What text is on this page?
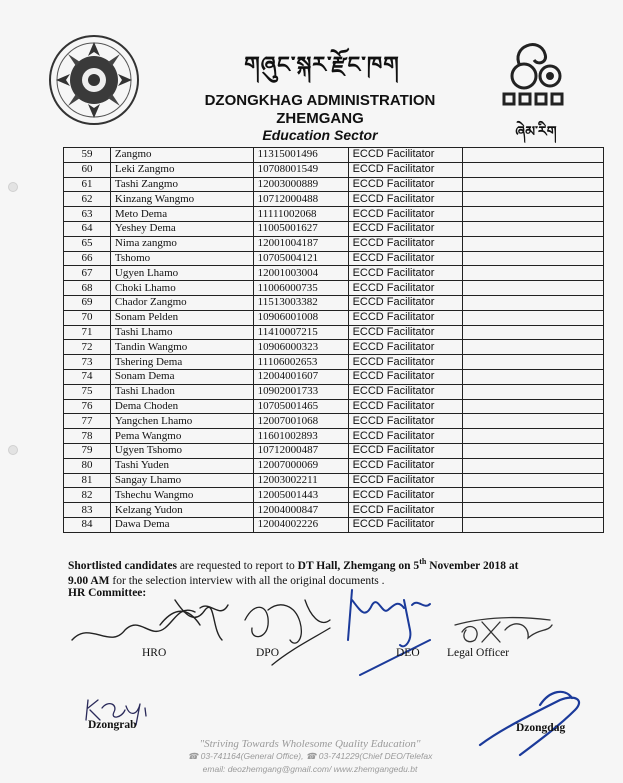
གཞུང་སྐར་རྫོང་ཁག
DZONGKHAG ADMINISTRATION
ZHEMGANG
Education Sector	ཞེམ་རིག
59	Zangmo	11315001496	ECCD Facilitator	
60	Leki Zangmo	10708001549	ECCD Facilitator	
61	Tashi Zangmo	12003000889	ECCD Facilitator	
62	Kinzang Wangmo	10712000488	ECCD Facilitator	
63	Meto Dema	11111002068	ECCD Facilitator	
64	Yeshey Dema	11005001627	ECCD Facilitator	
65	Nima zangmo	12001004187	ECCD Facilitator	
66	Tshomo	10705004121	ECCD Facilitator	
67	Ugyen Lhamo	12001003004	ECCD Facilitator	
68	Choki Lhamo	11006000735	ECCD Facilitator	
69	Chador Zangmo	11513003382	ECCD Facilitator	
70	Sonam Pelden	10906001008	ECCD Facilitator	
71	Tashi Lhamo	11410007215	ECCD Facilitator	
72	Tandin Wangmo	10906000323	ECCD Facilitator	
73	Tshering Dema	11106002653	ECCD Facilitator	
74	Sonam Dema	12004001607	ECCD Facilitator	
75	Tashi Lhadon	10902001733	ECCD Facilitator	
76	Dema Choden	10705001465	ECCD Facilitator	
77	Yangchen Lhamo	12007001068	ECCD Facilitator	
78	Pema Wangmo	11601002893	ECCD Facilitator	
79	Ugyen Tshomo	10712000487	ECCD Facilitator	
80	Tashi Yuden	12007000069	ECCD Facilitator	
81	Sangay Lhamo	12003002211	ECCD Facilitator	
82	Tshechu Wangmo	12005001443	ECCD Facilitator	
83	Kelzang Yudon	12004000847	ECCD Facilitator	
84	Dawa Dema	12004002226	ECCD Facilitator	
Shortlisted candidates are requested to report to DT Hall, Zhemgang on 5th November 2018 at
9.00 AM for the selection interview with all the original documents .
HR Committee:
HRO	DPO	DEO Legal Officer
Dzongrab	Dzongdag
"Striving Towards Wholesome Quality Education"
☎ 03-741164(General Office), ☎ 03-741229(Chief DEO/Telefax
email: deozhemgang@gmail.com/ www.zhemgangedu.bt
